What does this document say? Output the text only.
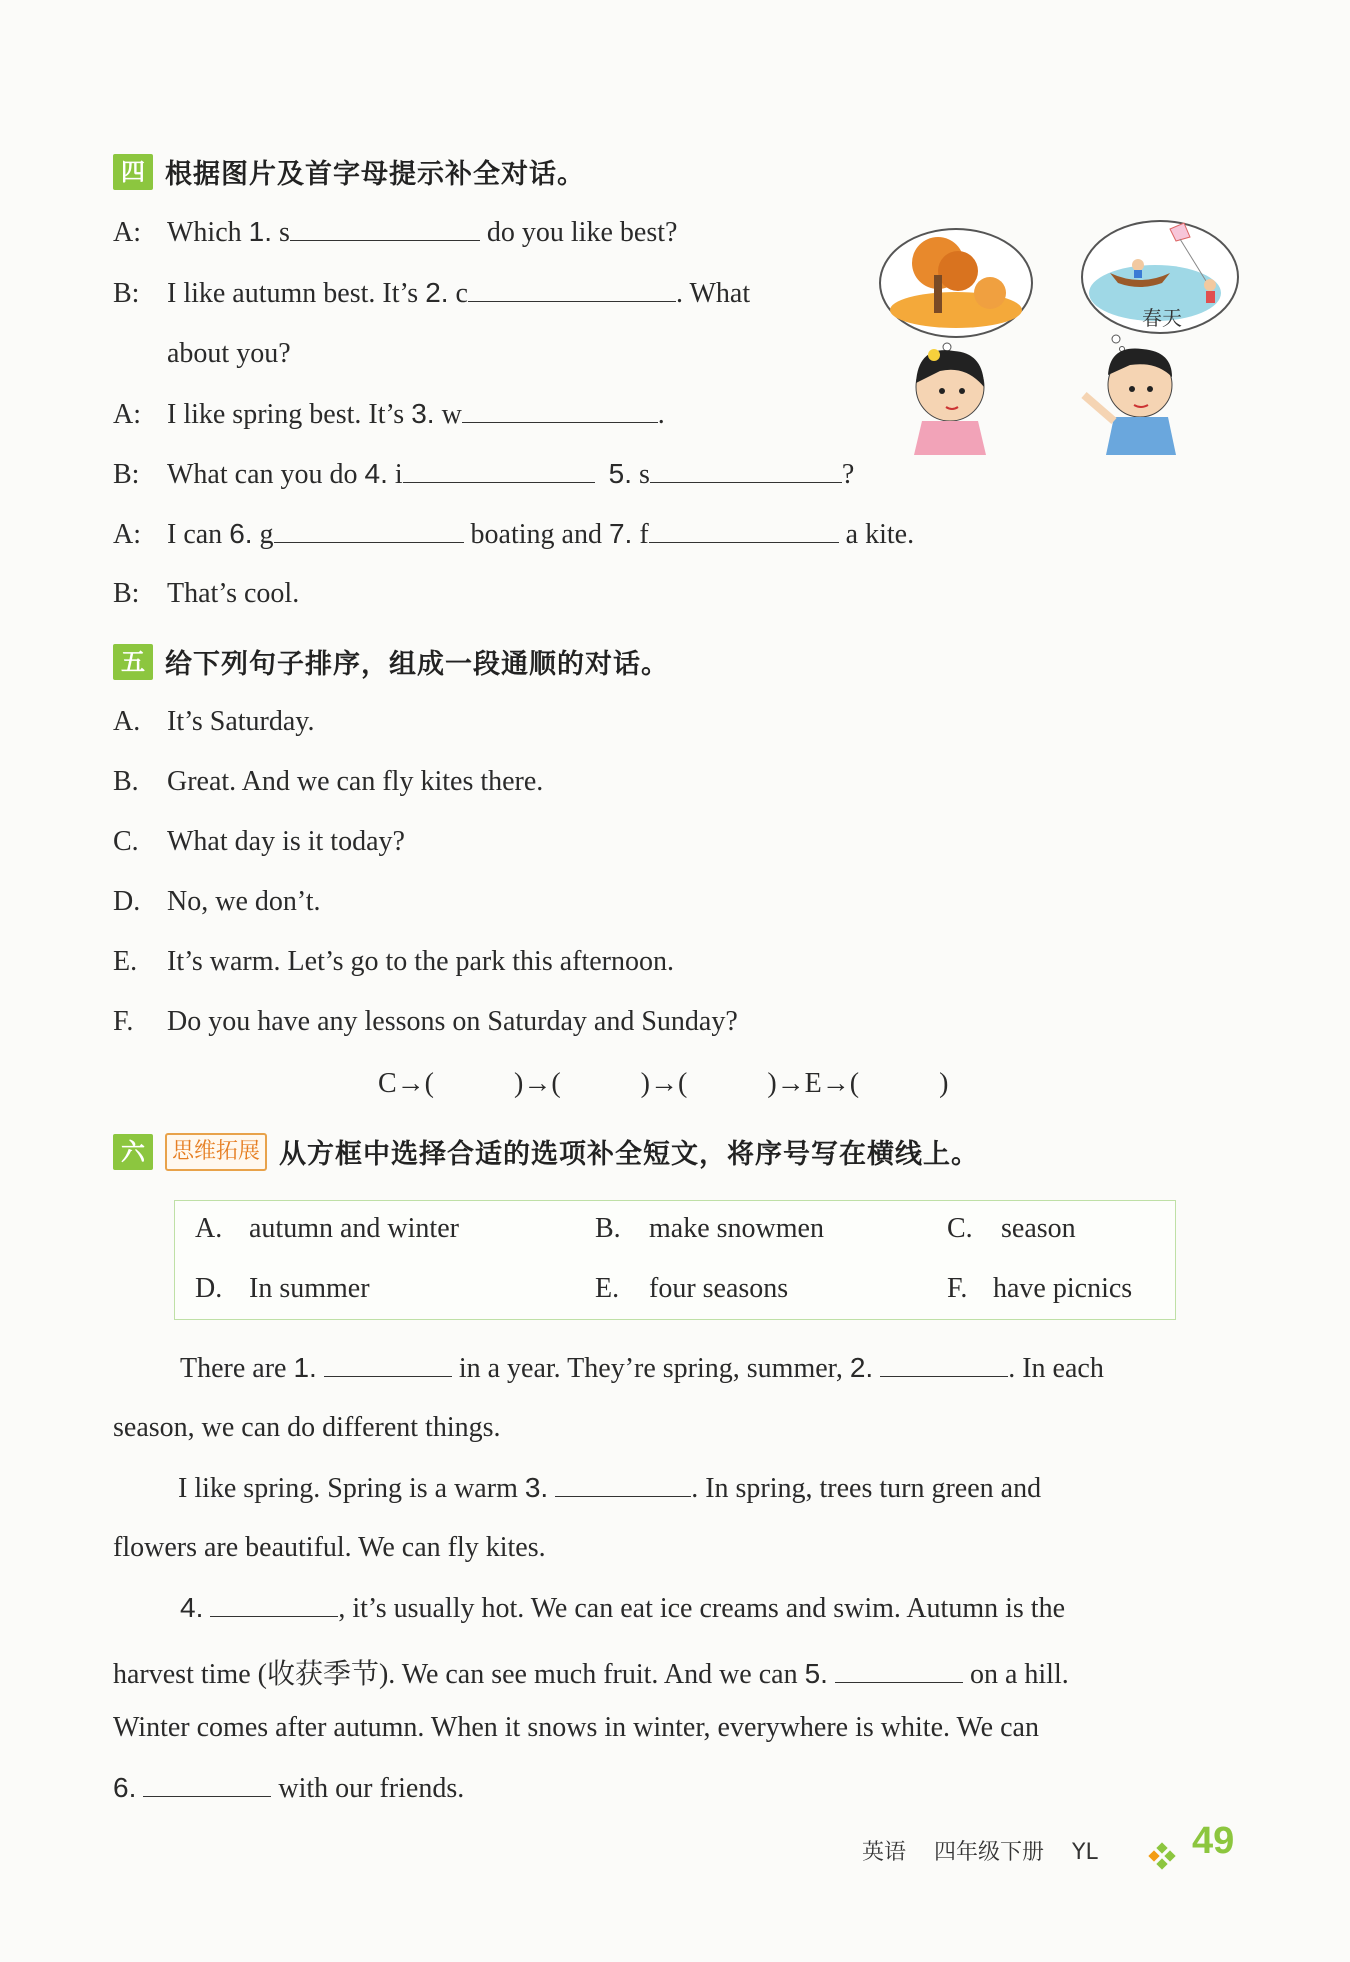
四 根据图片及首字母提示补全对话。
A: Which 1. s	do you like best?
B: I like autumn best. It’s 2. c	. What
about you?
A: I like spring best. It’s 3. w	.
B: What can you do 4. i	5. s	?
A: I can 6. g	boating and 7. f	a kite.
B: That’s cool.
春天
五 给下列句子排序，组成一段通顺的对话。
A. It’s Saturday.
B. Great. And we can fly kites there.
C. What day is it today?
D. No, we don’t.
E. It’s warm. Let’s go to the park this afternoon.
F. Do you have any lessons on Saturday and Sunday?
C→(	)→(	)→(	)→E→(	)
六	思维拓展 从方框中选择合适的选项补全短文，将序号写在横线上。
A. autumn and winter	B. make snowmen	C. season
D. In summer	E. four seasons	F. have picnics
There are 1.	in a year. They’re spring, summer, 2.	. In each
season, we can do different things.
I like spring. Spring is a warm 3.	. In spring, trees turn green and
flowers are beautiful. We can fly kites.
4.	, it’s usually hot. We can eat ice creams and swim. Autumn is the
harvest time (收获季节). We can see much fruit. And we can 5.	on a hill.
Winter comes after autumn. When it snows in winter, everywhere is white. We can
6.	with our friends.
英语 四年级下册 YL 49
